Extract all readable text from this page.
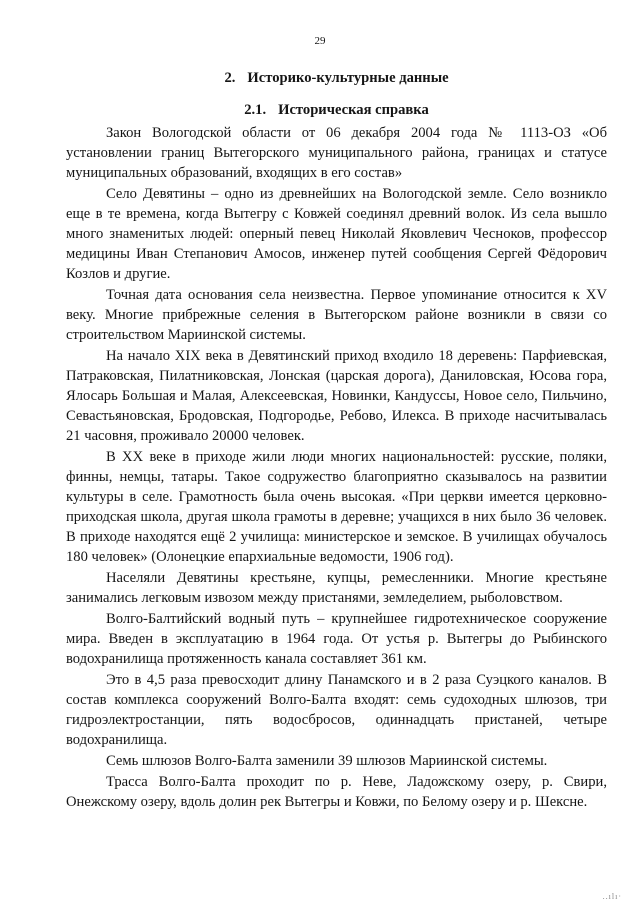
29
2. Историко-культурные данные
2.1. Историческая справка

Закон Вологодской области от 06 декабря 2004 года № 1113-ОЗ «Об установлении границ Вытегорского муниципального района, границах и статусе муниципальных образований, входящих в его состав»

Село Девятины – одно из древнейших на Вологодской земле. Село возникло еще в те времена, когда Вытегру с Ковжей соединял древний волок. Из села вышло много знаменитых людей: оперный певец Николай Яковлевич Чесноков, профессор медицины Иван Степанович Амосов, инженер путей сообщения Сергей Фёдорович Козлов и другие.

Точная дата основания села неизвестна. Первое упоминание относится к XV веку. Многие прибрежные селения в Вытегорском районе возникли в связи со строительством Мариинской системы.

На начало XIX века в Девятинский приход входило 18 деревень: Парфиевская, Патраковская, Пилатниковская, Лонская (царская дорога), Даниловская, Юсова гора, Ялосарь Большая и Малая, Алексеевская, Новинки, Кандуссы, Новое село, Пильчино, Севастьяновская, Бродовская, Подгородье, Ребово, Илекса. В приходе насчитывалась 21 часовня, проживало 20000 человек.

В XX веке в приходе жили люди многих национальностей: русские, поляки, финны, немцы, татары. Такое содружество благоприятно сказывалось на развитии культуры в селе. Грамотность была очень высокая. «При церкви имеется церковно-приходская школа, другая школа грамоты в деревне; учащихся в них было 36 человек. В приходе находятся ещё 2 училища: министерское и земское. В училищах обучалось 180 человек» (Олонецкие епархиальные ведомости, 1906 год).

Населяли Девятины крестьяне, купцы, ремесленники. Многие крестьяне занимались легковым извозом между пристанями, земледелием, рыболовством.

Волго-Балтийский водный путь – крупнейшее гидротехническое сооружение мира. Введен в эксплуатацию в 1964 года. От устья р. Вытегры до Рыбинского водохранилища протяженность канала составляет 361 км.

Это в 4,5 раза превосходит длину Панамского и в 2 раза Суэцкого каналов. В состав комплекса сооружений Волго-Балта входят: семь судоходных шлюзов, три гидроэлектростанции, пять водосбросов, одиннадцать пристаней, четыре водохранилища.

Семь шлюзов Волго-Балта заменили 39 шлюзов Мариинской системы.

Трасса Волго-Балта проходит по р. Неве, Ладожскому озеру, р. Свири, Онежскому озеру, вдоль долин рек Вытегры и Ковжи, по Белому озеру и р. Шексне.

..ılı·
